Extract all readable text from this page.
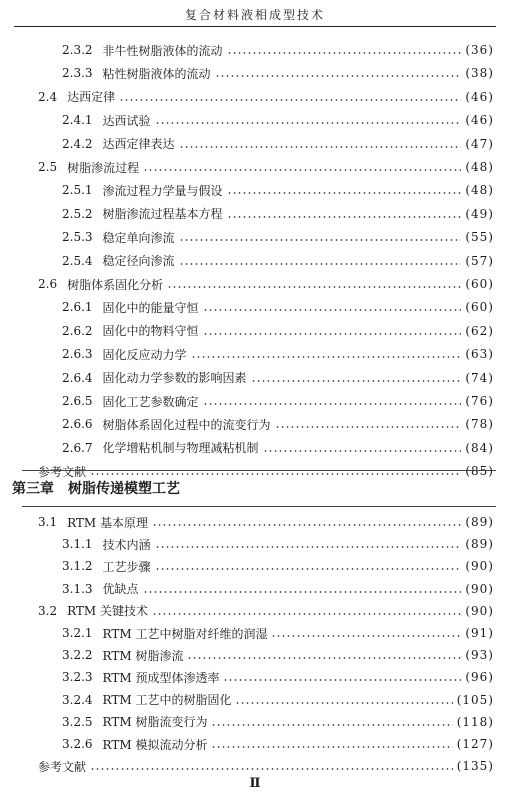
复合材料液相成型技术
2.3.2 非牛性树脂液体的流动	(36)
2.3.3 粘性树脂液体的流动	(38)
2.4 达西定律	(46)
2.4.1 达西试验	(46)
2.4.2 达西定律表达	(47)
2.5 树脂渗流过程	(48)
2.5.1 渗流过程力学量与假设	(48)
2.5.2 树脂渗流过程基本方程	(49)
2.5.3 稳定单向渗流	(55)
2.5.4 稳定径向渗流	(57)
2.6 树脂体系固化分析	(60)
2.6.1 固化中的能量守恒	(60)
2.6.2 固化中的物料守恒	(62)
2.6.3 固化反应动力学	(63)
2.6.4 固化动力学参数的影响因素	(74)
2.6.5 固化工艺参数确定	(76)
2.6.6 树脂体系固化过程中的流变行为	(78)
2.6.7 化学增粘机制与物理减粘机制	(84)
参考文献	(85)
第三章 树脂传递模塑工艺
3.1 RTM 基本原理	(89)
3.1.1 技术内涵	(89)
3.1.2 工艺步骤	(90)
3.1.3 优缺点	(90)
3.2 RTM 关键技术	(90)
3.2.1 RTM 工艺中树脂对纤维的润湿	(91)
3.2.2 RTM 树脂渗流	(93)
3.2.3 RTM 预成型体渗透率	(96)
3.2.4 RTM 工艺中的树脂固化	(105)
3.2.5 RTM 树脂流变行为	(118)
3.2.6 RTM 模拟流动分析	(127)
参考文献	(135)
Ⅱ
